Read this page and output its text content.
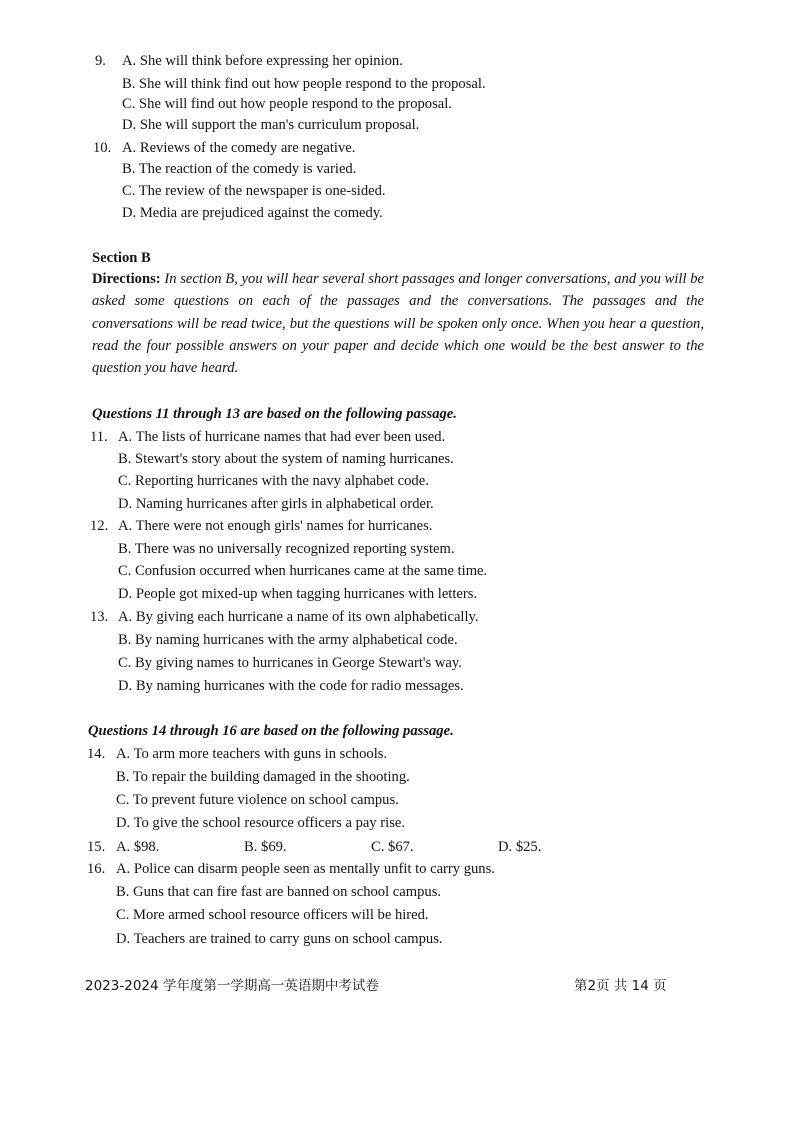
9. A. She will think before expressing her opinion.
B. She will think find out how people respond to the proposal.
C. She will find out how people respond to the proposal.
D. She will support the man's curriculum proposal.
10. A. Reviews of the comedy are negative.
B. The reaction of the comedy is varied.
C. The review of the newspaper is one-sided.
D. Media are prejudiced against the comedy.
Section B
Directions: In section B, you will hear several short passages and longer conversations, and you will be asked some questions on each of the passages and the conversations. The passages and the conversations will be read twice, but the questions will be spoken only once. When you hear a question, read the four possible answers on your paper and decide which one would be the best answer to the question you have heard.
Questions 11 through 13 are based on the following passage.
11. A. The lists of hurricane names that had ever been used.
B. Stewart's story about the system of naming hurricanes.
C. Reporting hurricanes with the navy alphabet code.
D. Naming hurricanes after girls in alphabetical order.
12. A. There were not enough girls' names for hurricanes.
B. There was no universally recognized reporting system.
C. Confusion occurred when hurricanes came at the same time.
D. People got mixed-up when tagging hurricanes with letters.
13. A. By giving each hurricane a name of its own alphabetically.
B. By naming hurricanes with the army alphabetical code.
C. By giving names to hurricanes in George Stewart's way.
D. By naming hurricanes with the code for radio messages.
Questions 14 through 16 are based on the following passage.
14. A. To arm more teachers with guns in schools.
B. To repair the building damaged in the shooting.
C. To prevent future violence on school campus.
D. To give the school resource officers a pay rise.
15. A. $98.	B. $69.	C. $67.	D. $25.
16. A. Police can disarm people seen as mentally unfit to carry guns.
B. Guns that can fire fast are banned on school campus.
C. More armed school resource officers will be hired.
D. Teachers are trained to carry guns on school campus.
2023-2024 学年度第一学期高一英语期中考试卷	第2页 共 14 页
